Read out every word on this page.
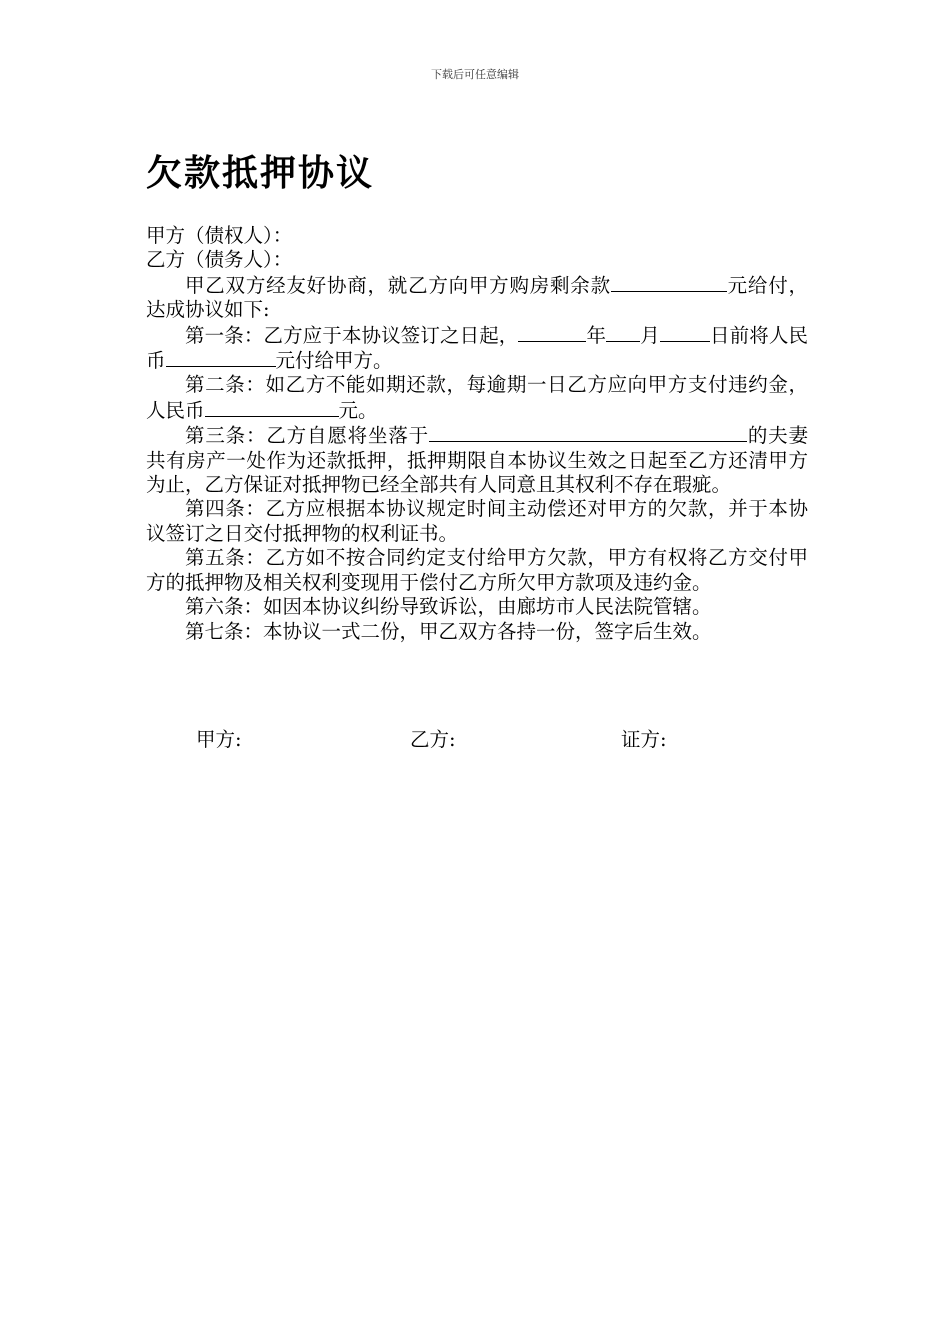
下载后可任意编辑
欠款抵押协议

甲方（债权人）：

乙方（债务人）：

甲乙双方经友好协商，就乙方向甲方购房剩余款	元给付，达成协议如下:

第一条：乙方应于本协议签订之日起，	年 月	日前将人民币	元付给甲方。

第二条：如乙方不能如期还款，每逾期一日乙方应向甲方支付违约金，人民币	元。

第三条：乙方自愿将坐落于	的夫妻共有房产一处作为还款抵押，抵押期限自本协议生效之日起至乙方还清甲方为止，乙方保证对抵押物已经全部共有人同意且其权利不存在瑕疵。

第四条：乙方应根据本协议规定时间主动偿还对甲方的欠款，并于本协议签订之日交付抵押物的权利证书。

第五条：乙方如不按合同约定支付给甲方欠款，甲方有权将乙方交付甲方的抵押物及相关权利变现用于偿付乙方所欠甲方款项及违约金。

第六条：如因本协议纠纷导致诉讼，由廊坊市人民法院管辖。

第七条：本协议一式二份，甲乙双方各持一份，签字后生效。

甲方:	乙方:	证方:
